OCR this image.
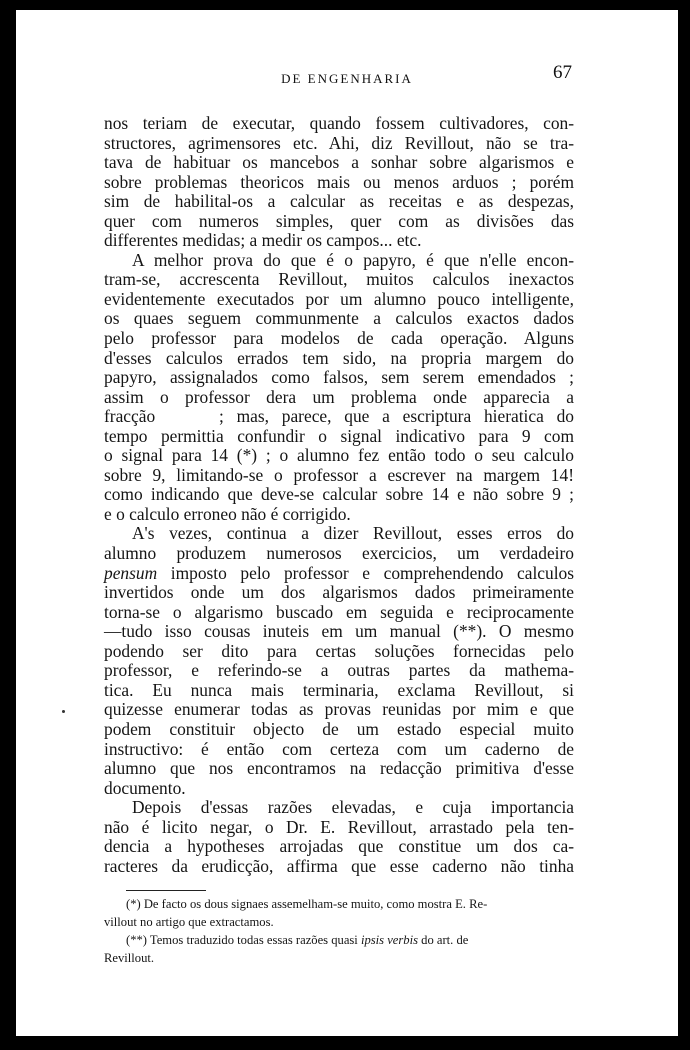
DE ENGENHARIA	67
nos teriam de executar, quando fossem cultivadores, con-
structores, agrimensores etc. Ahi, diz Revillout, não se tra-
tava de habituar os mancebos a sonhar sobre algarismos e
sobre problemas theoricos mais ou menos arduos ; porém
sim de habilital-os a calcular as receitas e as despezas,
quer com numeros simples, quer com as divisões das
differentes medidas; a medir os campos... etc.
A melhor prova do que é o papyro, é que n'elle encon-
tram-se, accrescenta Revillout, muitos calculos inexactos
evidentemente executados por um alumno pouco intelligente,
os quaes seguem communmente a calculos exactos dados
pelo professor para modelos de cada operação. Alguns
d'esses calculos errados tem sido, na propria margem do
papyro, assignalados como falsos, sem serem emendados ;
assim o professor dera um problema onde apparecia a
fracção     ; mas, parece, que a escriptura hieratica do
tempo permittia confundir o signal indicativo para 9 com
o signal para 14 (*) ; o alumno fez então todo o seu calculo
sobre 9, limitando-se o professor a escrever na margem 14!
como indicando que deve-se calcular sobre 14 e não sobre 9 ;
e o calculo erroneo não é corrigido.
A's vezes, continua a dizer Revillout, esses erros do
alumno produzem numerosos exercicios, um verdadeiro
pensum imposto pelo professor e comprehendendo calculos
invertidos onde um dos algarismos dados primeiramente
torna-se o algarismo buscado em seguida e reciprocamente
—tudo isso cousas inuteis em um manual (**). O mesmo
podendo ser dito para certas soluções fornecidas pelo
professor, e referindo-se a outras partes da mathema-
tica. Eu nunca mais terminaria, exclama Revillout, si
quizesse enumerar todas as provas reunidas por mim e que
podem constituir objecto de um estado especial muito
instructivo: é então com certeza com um caderno de
alumno que nos encontramos na redacção primitiva d'esse
documento.
Depois d'essas razões elevadas, e cuja importancia
não é licito negar, o Dr. E. Revillout, arrastado pela ten-
dencia a hypotheses arrojadas que constitue um dos ca-
racteres da erudicção, affirma que esse caderno não tinha
(*) De facto os dous signaes assemelham-se muito, como mostra E. Re-
villout no artigo que extractamos.
(**) Temos traduzido todas essas razões quasi ipsis verbis do art. de
Revillout.
